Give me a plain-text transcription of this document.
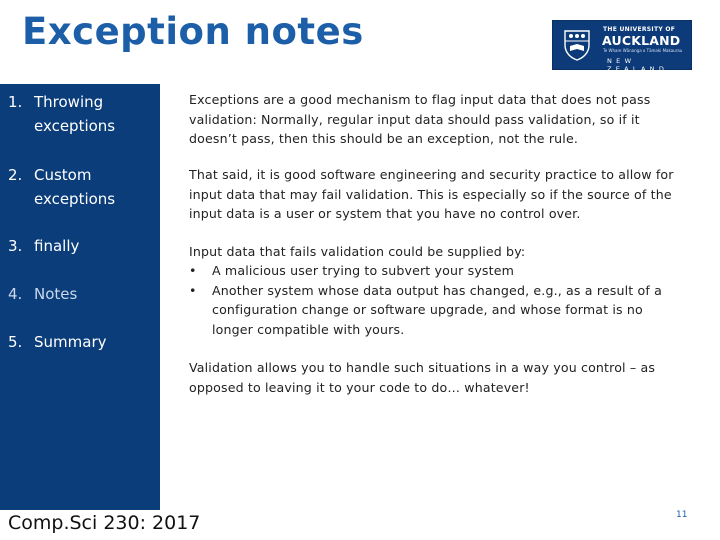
Exception notes	THE UNIVERSITY OF
AUCKLAND
Te Whare Wānanga o Tāmaki Makaurau
NEW ZEALAND
1. Throwing
exceptions
2. Custom
exceptions
3. finally
4. Notes
5. Summary

Exceptions are a good mechanism to flag input data that does not pass
validation: Normally, regular input data should pass validation, so if it
doesn’t pass, then this should be an exception, not the rule.

That said, it is good software engineering and security practice to allow for
input data that may fail validation. This is especially so if the source of the
input data is a user or system that you have no control over.

Input data that fails validation could be supplied by:

• A malicious user trying to subvert your system
• Another system whose data output has changed, e.g., as a result of a
configuration change or software upgrade, and whose format is no
longer compatible with yours.

Validation allows you to handle such situations in a way you control – as
opposed to leaving it to your code to do… whatever!

Comp.Sci 230: 2017	11
